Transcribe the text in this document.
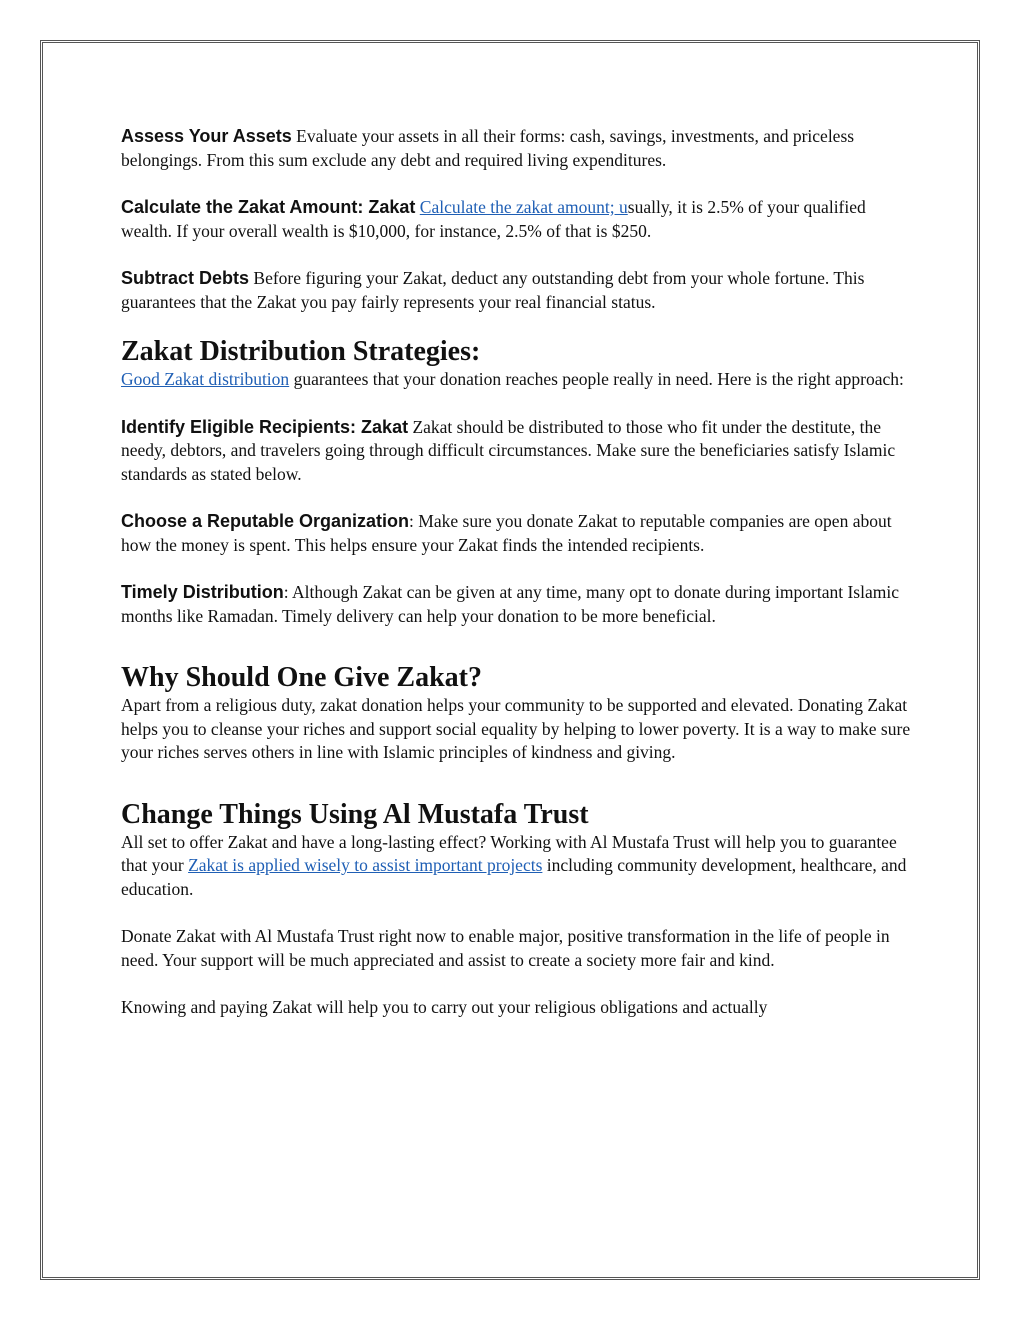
Assess Your Assets Evaluate your assets in all their forms: cash, savings, investments, and priceless belongings. From this sum exclude any debt and required living expenditures.

Calculate the Zakat Amount: Zakat Calculate the zakat amount; usually, it is 2.5% of your qualified wealth. If your overall wealth is $10,000, for instance, 2.5% of that is $250.

Subtract Debts Before figuring your Zakat, deduct any outstanding debt from your whole fortune. This guarantees that the Zakat you pay fairly represents your real financial status.

Zakat Distribution Strategies:

Good Zakat distribution guarantees that your donation reaches people really in need. Here is the right approach:

Identify Eligible Recipients: Zakat Zakat should be distributed to those who fit under the destitute, the needy, debtors, and travelers going through difficult circumstances. Make sure the beneficiaries satisfy Islamic standards as stated below.

Choose a Reputable Organization: Make sure you donate Zakat to reputable companies are open about how the money is spent. This helps ensure your Zakat finds the intended recipients.

Timely Distribution: Although Zakat can be given at any time, many opt to donate during important Islamic months like Ramadan. Timely delivery can help your donation to be more beneficial.

Why Should One Give Zakat?

Apart from a religious duty, zakat donation helps your community to be supported and elevated. Donating Zakat helps you to cleanse your riches and support social equality by helping to lower poverty. It is a way to make sure your riches serves others in line with Islamic principles of kindness and giving.

Change Things Using Al Mustafa Trust

All set to offer Zakat and have a long-lasting effect? Working with Al Mustafa Trust will help you to guarantee that your Zakat is applied wisely to assist important projects including community development, healthcare, and education.

Donate Zakat with Al Mustafa Trust right now to enable major, positive transformation in the life of people in need. Your support will be much appreciated and assist to create a society more fair and kind.

Knowing and paying Zakat will help you to carry out your religious obligations and actually
